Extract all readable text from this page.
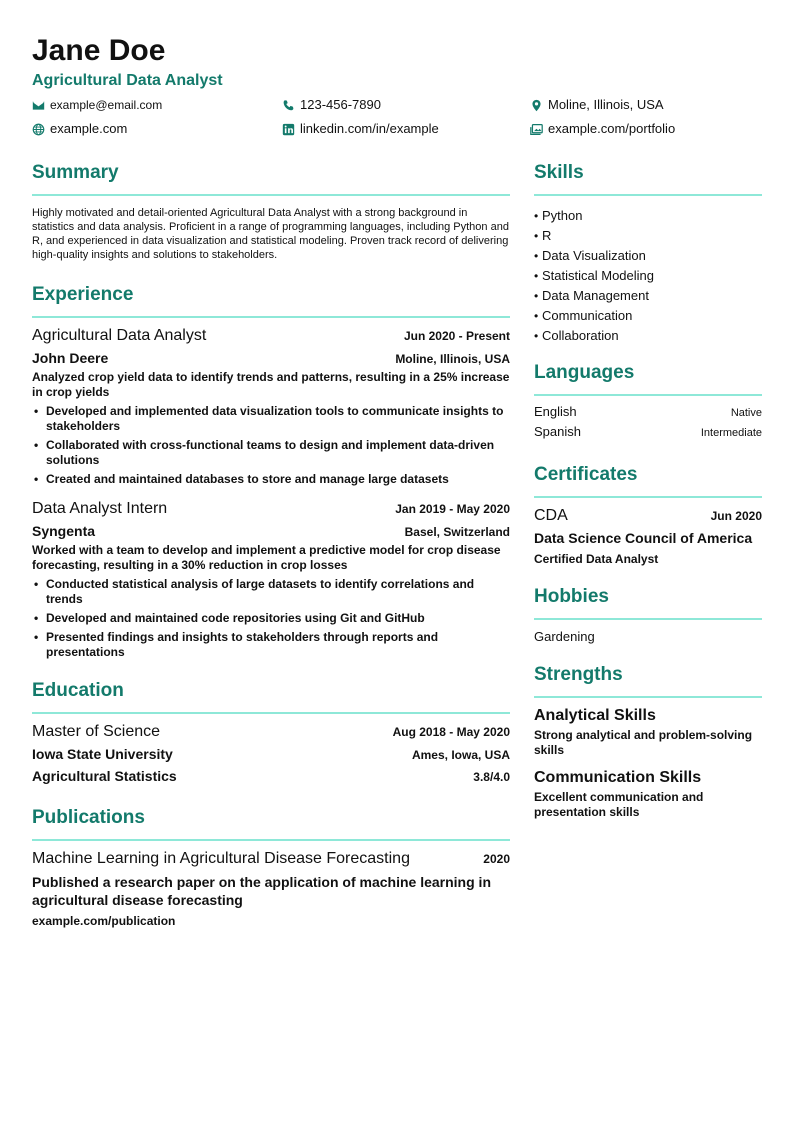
Jane Doe
Agricultural Data Analyst
example@email.com	123-456-7890	Moline, Illinois, USA
example.com	linkedin.com/in/example	example.com/portfolio
Summary

Highly motivated and detail-oriented Agricultural Data Analyst with a strong background in statistics and data analysis. Proficient in a range of programming languages, including Python and R, and experienced in data visualization and statistical modeling. Proven track record of delivering high-quality insights and solutions to stakeholders.

Experience
Agricultural Data Analyst	Jun 2020 - Present
John Deere	Moline, Illinois, USA
Analyzed crop yield data to identify trends and patterns, resulting in a 25% increase in crop yields
• Developed and implemented data visualization tools to communicate insights to stakeholders
• Collaborated with cross-functional teams to design and implement data-driven solutions
• Created and maintained databases to store and manage large datasets
Data Analyst Intern	Jan 2019 - May 2020
Syngenta	Basel, Switzerland
Worked with a team to develop and implement a predictive model for crop disease forecasting, resulting in a 30% reduction in crop losses
• Conducted statistical analysis of large datasets to identify correlations and trends
• Developed and maintained code repositories using Git and GitHub
• Presented findings and insights to stakeholders through reports and presentations
Education
Master of Science	Aug 2018 - May 2020
Iowa State University	Ames, Iowa, USA
Agricultural Statistics	3.8/4.0
Publications
Machine Learning in Agricultural Disease Forecasting	2020
Published a research paper on the application of machine learning in agricultural disease forecasting
example.com/publication
Skills
• Python
• R
• Data Visualization
• Statistical Modeling
• Data Management
• Communication
• Collaboration
Languages
English	Native
Spanish	Intermediate
Certificates
CDA	Jun 2020
Data Science Council of America
Certified Data Analyst
Hobbies
Gardening
Strengths
Analytical Skills
Strong analytical and problem-solving skills
Communication Skills
Excellent communication and presentation skills
